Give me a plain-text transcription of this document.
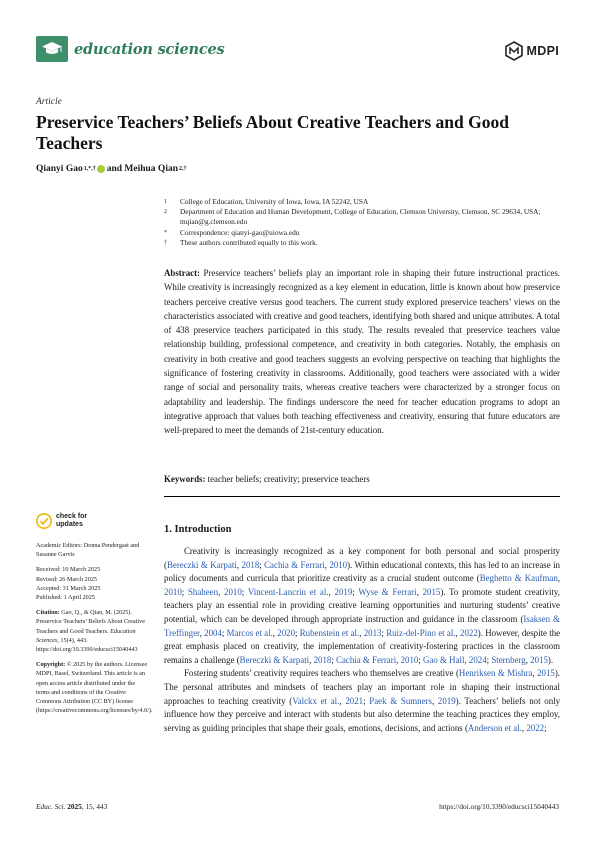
education sciences	MDPI
Article
Preservice Teachers’ Beliefs About Creative Teachers and Good Teachers
Qianyi Gao 1,*,† and Meihua Qian 2,†
1	College of Education, University of Iowa, Iowa, IA 52242, USA
2	Department of Education and Human Development, College of Education, Clemson University, Clemson, SC 29634, USA; mqian@g.clemson.edu
*	Correspondence: qianyi-gao@uiowa.edu
†	These authors contributed equally to this work.
Abstract: Preservice teachers’ beliefs play an important role in shaping their future instructional practices. While creativity is increasingly recognized as a key element in education, little is known about how preservice teachers perceive creative versus good teachers. The current study explored preservice teachers’ views on the characteristics associated with creative and good teachers, identifying both shared and unique attributes. A total of 438 preservice teachers participated in this study. The results revealed that preservice teachers value relationship building, professional competence, and creativity in both categories. Notably, the emphasis on creativity in both creative and good teachers suggests an evolving perspective on teaching that highlights the significance of fostering creativity in classrooms. Additionally, good teachers were associated with a wider range of social and personality traits, whereas creative teachers were characterized by a stronger focus on adaptability and leadership. The findings underscore the need for teacher education programs to adopt an integrative approach that values both teaching effectiveness and creativity, ensuring that future educators are well-prepared to meet the demands of 21st-century education.
Keywords: teacher beliefs; creativity; preservice teachers
check for
updates
Academic Editors: Donna Pendergast and Susanne Garvis
Received: 10 March 2025
Revised: 26 March 2025
Accepted: 31 March 2025
Published: 1 April 2025
Citation: Gao, Q., & Qian, M. (2025). Preservice Teachers’ Beliefs About Creative Teachers and Good Teachers. Education Sciences, 15(4), 443. https://doi.org/10.3390/educsci15040443
Copyright: © 2025 by the authors. Licensee MDPI, Basel, Switzerland. This article is an open access article distributed under the terms and conditions of the Creative Commons Attribution (CC BY) license (https://creativecommons.org/licenses/by/4.0/).
1. Introduction

Creativity is increasingly recognized as a key component for both personal and social prosperity (Bereczki & Karpati, 2018; Cachia & Ferrari, 2010). Within educational contexts, this has led to an increase in policy documents and curricula that prioritize creativity as a crucial student outcome (Beghetto & Kaufman, 2010; Shaheen, 2010; Vincent-Lancrin et al., 2019; Wyse & Ferrari, 2015). To promote student creativity, teachers play an essential role in providing creative learning opportunities and nurturing students’ creative potential, which can be developed through appropriate instruction and guidance in the classroom (Isaksen & Treffinger, 2004; Marcos et al., 2020; Rubenstein et al., 2013; Ruiz-del-Pino et al., 2022). However, despite the great emphasis placed on creativity, the implementation of creativity-fostering practices in the classroom remains a challenge (Bereczki & Karpati, 2018; Cachia & Ferrari, 2010; Gao & Hall, 2024; Sternberg, 2015).

Fostering students’ creativity requires teachers who themselves are creative (Henriksen & Mishra, 2015). The personal attributes and mindsets of teachers play an important role in shaping their instructional approaches to teaching creativity (Valckx et al., 2021; Paek & Sumners, 2019). Teachers’ beliefs not only influence how they perceive and interact with students but also determine the teaching practices they employ, serving as guiding principles that shape their goals, emotions, decisions, and actions (Anderson et al., 2022;

Educ. Sci. 2025, 15, 443	https://doi.org/10.3390/educsci15040443
